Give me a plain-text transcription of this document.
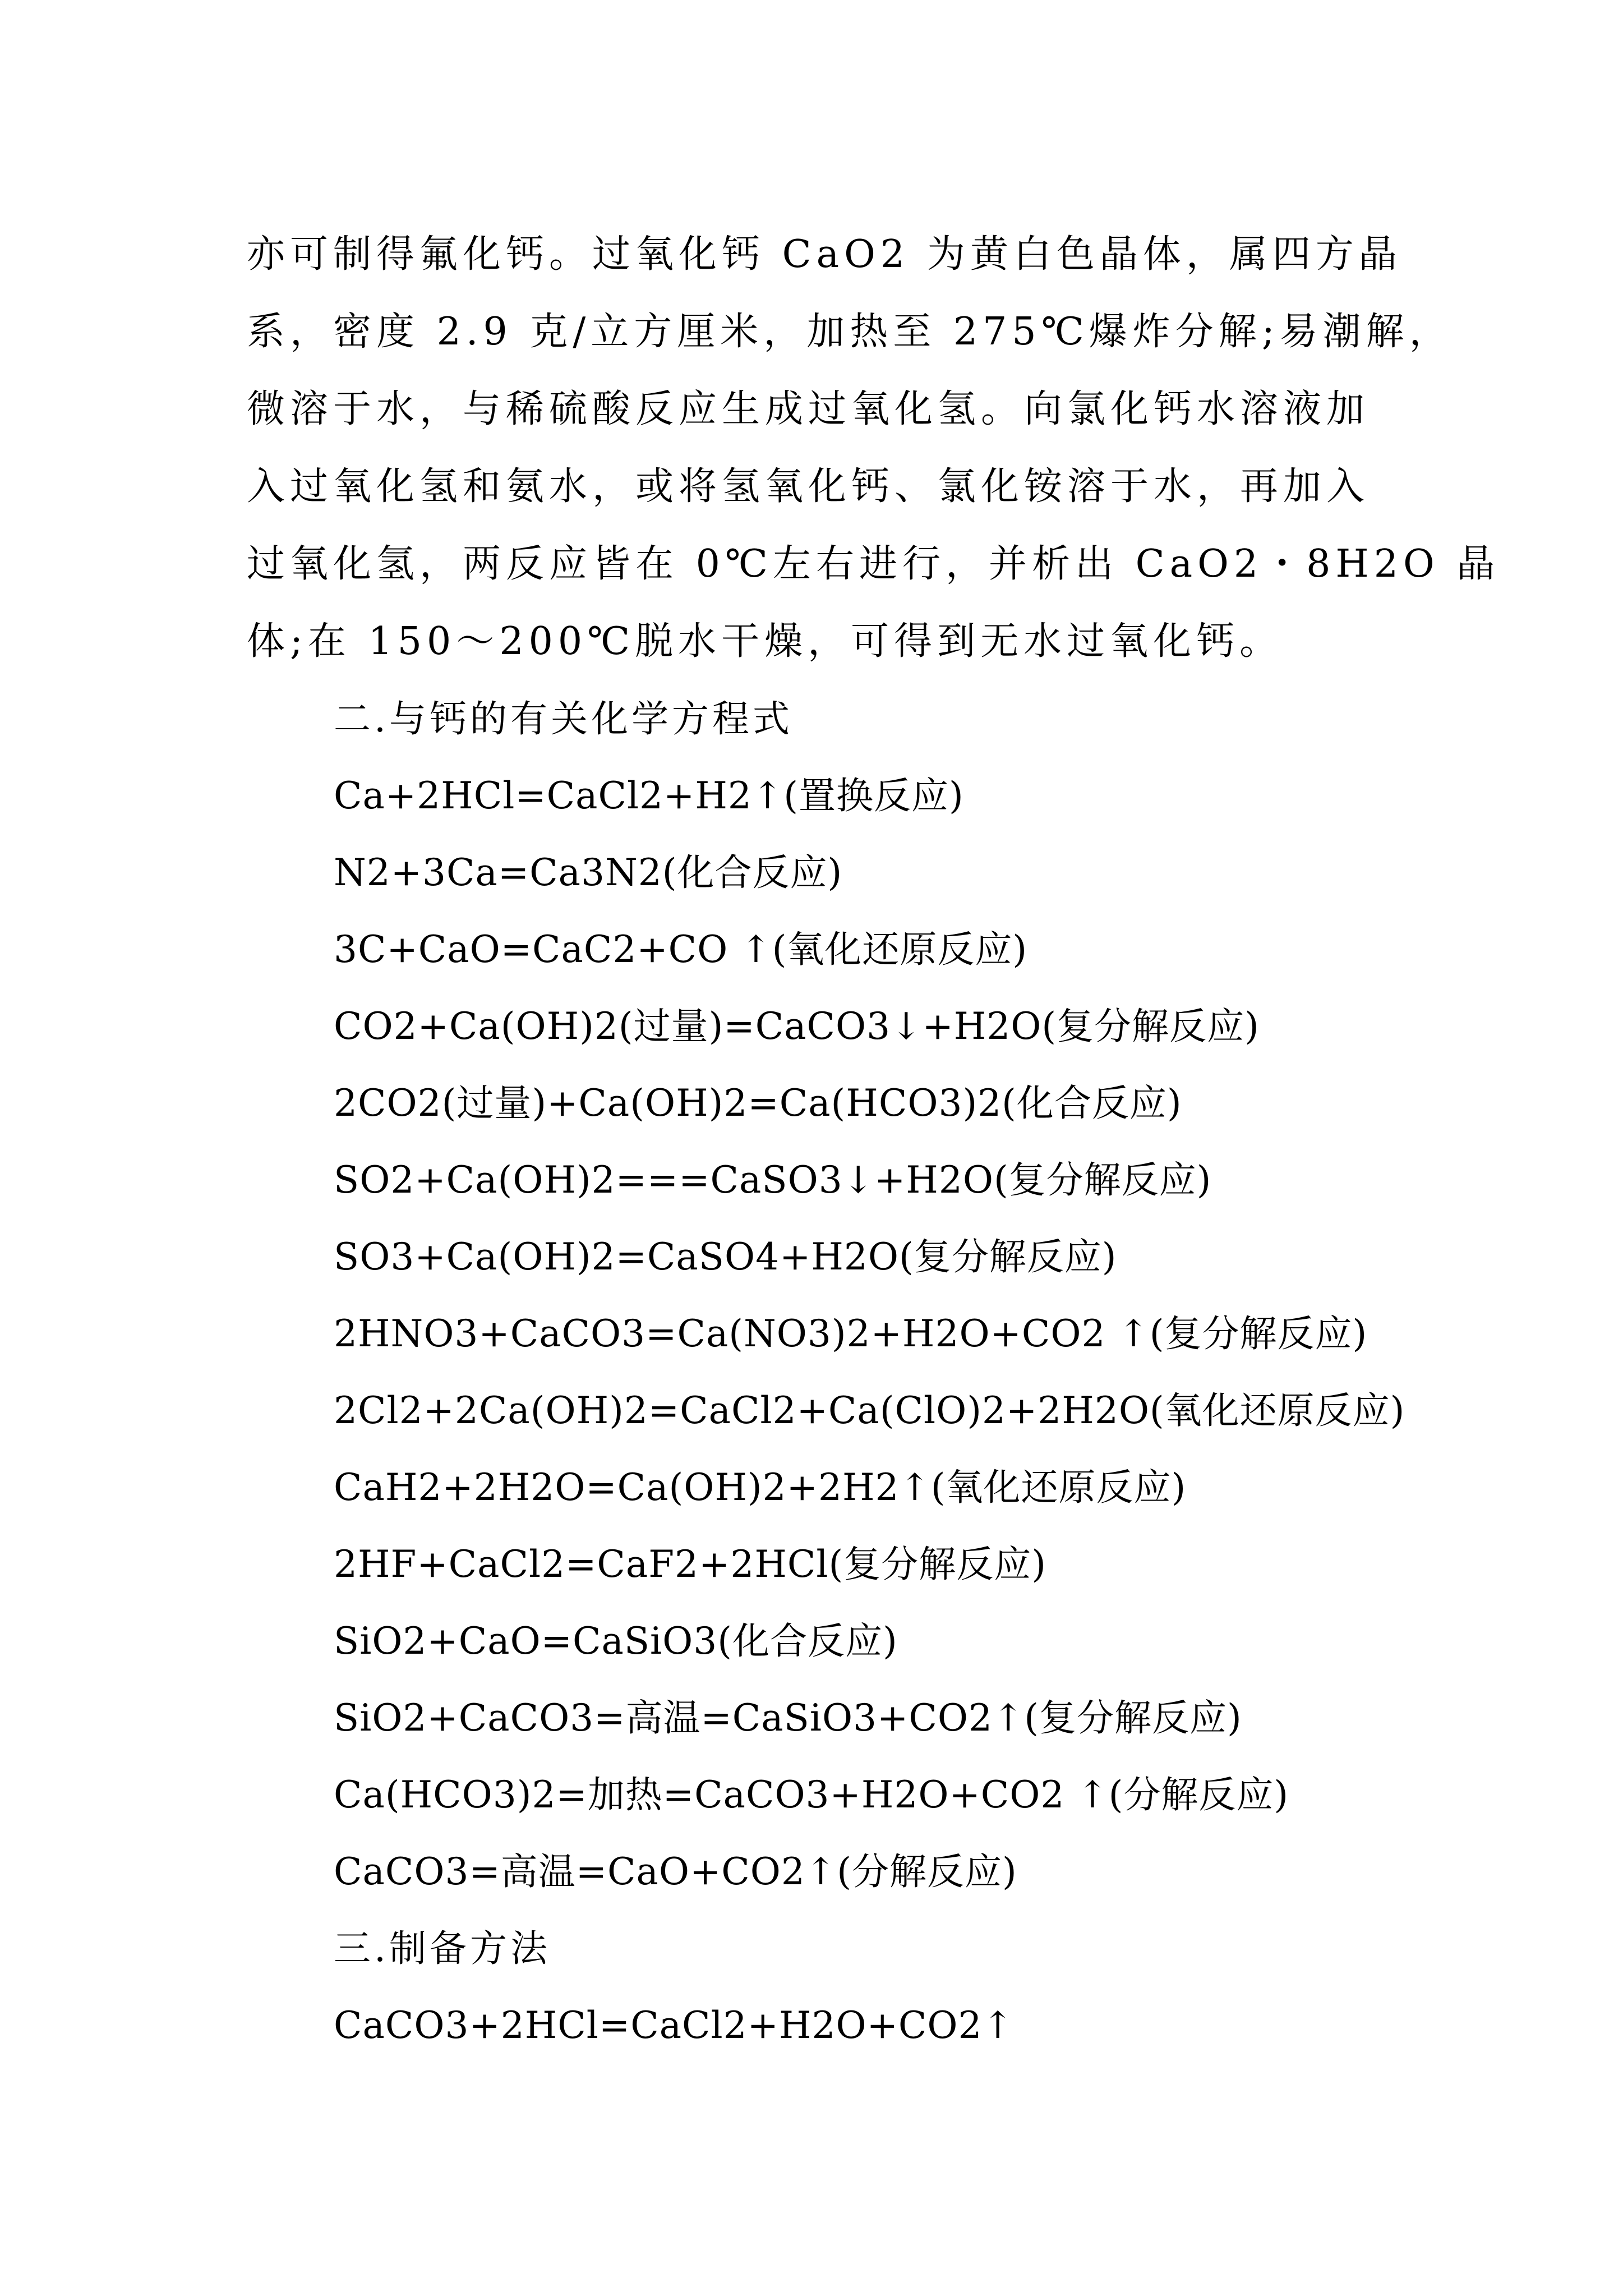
亦可制得氟化钙。过氧化钙 CaO2 为黄白色晶体，属四方晶
系，密度 2.9 克/立方厘米，加热至 275℃爆炸分解;易潮解，
微溶于水，与稀硫酸反应生成过氧化氢。向氯化钙水溶液加
入过氧化氢和氨水，或将氢氧化钙、氯化铵溶于水，再加入
过氧化氢，两反应皆在 0℃左右进行，并析出 CaO2・8H2O 晶
体;在 150～200℃脱水干燥，可得到无水过氧化钙。

二.与钙的有关化学方程式
Ca+2HCl=CaCl2+H2↑(置换反应)
N2+3Ca=Ca3N2(化合反应)
3C+CaO=CaC2+CO ↑(氧化还原反应)
CO2+Ca(OH)2(过量)=CaCO3↓+H2O(复分解反应)
2CO2(过量)+Ca(OH)2=Ca(HCO3)2(化合反应)
SO2+Ca(OH)2===CaSO3↓+H2O(复分解反应)
SO3+Ca(OH)2=CaSO4+H2O(复分解反应)
2HNO3+CaCO3=Ca(NO3)2+H2O+CO2 ↑(复分解反应)
2Cl2+2Ca(OH)2=CaCl2+Ca(ClO)2+2H2O(氧化还原反应)
CaH2+2H2O=Ca(OH)2+2H2↑(氧化还原反应)
2HF+CaCl2=CaF2+2HCl(复分解反应)
SiO2+CaO=CaSiO3(化合反应)
SiO2+CaCO3=高温=CaSiO3+CO2↑(复分解反应)
Ca(HCO3)2=加热=CaCO3+H2O+CO2 ↑(分解反应)
CaCO3=高温=CaO+CO2↑(分解反应)
三.制备方法
CaCO3+2HCl=CaCl2+H2O+CO2↑
